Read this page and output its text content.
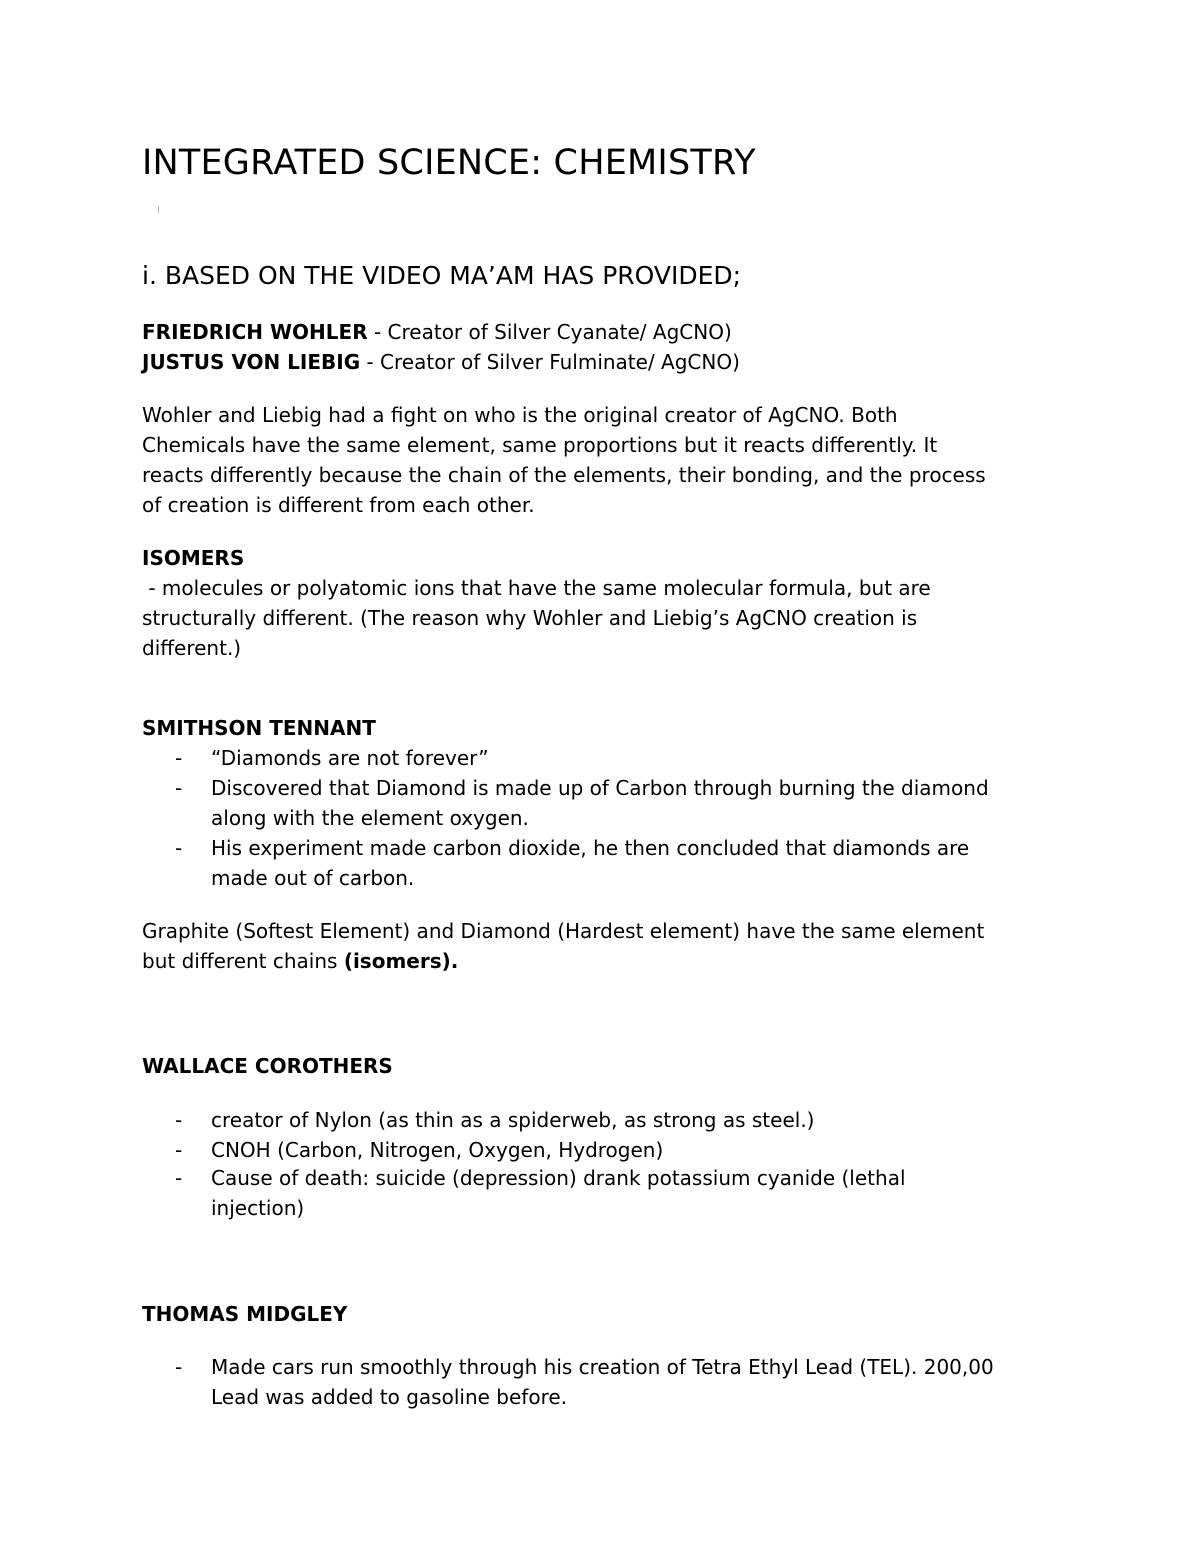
INTEGRATED SCIENCE: CHEMISTRY
i. BASED ON THE VIDEO MA’AM HAS PROVIDED;
FRIEDRICH WOHLER - Creator of Silver Cyanate/ AgCNO)
JUSTUS VON LIEBIG - Creator of Silver Fulminate/ AgCNO)
Wohler and Liebig had a fight on who is the original creator of AgCNO. Both
Chemicals have the same element, same proportions but it reacts differently. It
reacts differently because the chain of the elements, their bonding, and the process
of creation is different from each other.
ISOMERS
- molecules or polyatomic ions that have the same molecular formula, but are
structurally different. (The reason why Wohler and Liebig’s AgCNO creation is
different.)
SMITHSON TENNANT
- “Diamonds are not forever”
- Discovered that Diamond is made up of Carbon through burning the diamond
along with the element oxygen.
- His experiment made carbon dioxide, he then concluded that diamonds are
made out of carbon.
Graphite (Softest Element) and Diamond (Hardest element) have the same element
but different chains (isomers).
WALLACE COROTHERS
- creator of Nylon (as thin as a spiderweb, as strong as steel.)
- CNOH (Carbon, Nitrogen, Oxygen, Hydrogen)
- Cause of death: suicide (depression) drank potassium cyanide (lethal
injection)
THOMAS MIDGLEY
- Made cars run smoothly through his creation of Tetra Ethyl Lead (TEL). 200,00
Lead was added to gasoline before.
